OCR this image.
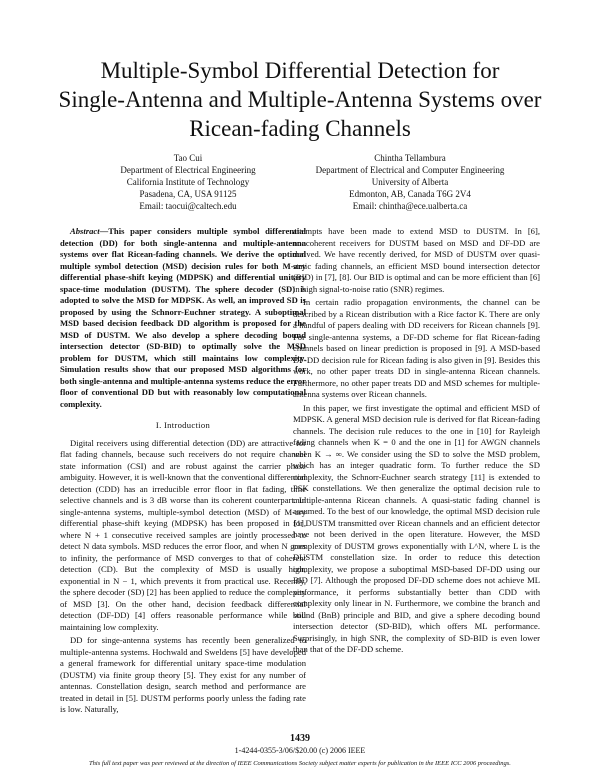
Multiple-Symbol Differential Detection for
Single-Antenna and Multiple-Antenna Systems over
Ricean-fading Channels
Tao Cui
Department of Electrical Engineering
California Institute of Technology
Pasadena, CA, USA 91125
Email: taocui@caltech.edu
Chintha Tellambura
Department of Electrical and Computer Engineering
University of Alberta
Edmonton, AB, Canada T6G 2V4
Email: chintha@ece.ualberta.ca

Abstract—This paper considers multiple symbol differential detection (DD) for both single-antenna and multiple-antenna systems over flat Ricean-fading channels. We derive the optimal multiple symbol detection (MSD) decision rules for both M-ary differential phase-shift keying (MDPSK) and differential unitary space-time modulation (DUSTM). The sphere decoder (SD) is adopted to solve the MSD for MDPSK. As well, an improved SD is proposed by using the Schnorr-Euchner strategy. A suboptimal MSD based decision feedback DD algorithm is proposed for the MSD of DUSTM. We also develop a sphere decoding bound intersection detector (SD-BID) to optimally solve the MSD problem for DUSTM, which still maintains low complexity. Simulation results show that our proposed MSD algorithms for both single-antenna and multiple-antenna systems reduce the error floor of conventional DD but with reasonably low computational complexity.

I. Introduction

Digital receivers using differential detection (DD) are attractive for flat fading channels, because such receivers do not require channel state information (CSI) and are robust against the carrier phase ambiguity. However, it is well-known that the conventional differential detection (CDD) has an irreducible error floor in flat fading, time selective channels and is 3 dB worse than its coherent counterpart. In single-antenna systems, multiple-symbol detection (MSD) of M-ary differential phase-shift keying (MDPSK) has been proposed in [1], where N + 1 consecutive received samples are jointly processed to detect N data symbols. MSD reduces the error floor, and when N goes to infinity, the performance of MSD converges to that of coherent detection (CD). But the complexity of MSD is usually high, exponential in N − 1, which prevents it from practical use. Recently, the sphere decoder (SD) [2] has been applied to reduce the complexity of MSD [3]. On the other hand, decision feedback differential detection (DF-DD) [4] offers reasonable performance while still maintaining low complexity.

DD for singe-antenna systems has recently been generalized to multiple-antenna systems. Hochwald and Sweldens [5] have developed a general framework for differential unitary space-time modulation (DUSTM) via finite group theory [5]. They exist for any number of antennas. Constellation design, search method and performance are treated in detail in [5]. DUSTM performs poorly unless the fading rate is low. Naturally,

attempts have been made to extend MSD to DUSTM. In [6], noncoherent receivers for DUSTM based on MSD and DF-DD are derived. We have recently derived, for MSD of DUSTM over quasi-static fading channels, an efficient MSD bound intersection detector (BID) in [7], [8]. Our BID is optimal and can be more efficient than [6] in high signal-to-noise ratio (SNR) regimes.

In certain radio propagation environments, the channel can be described by a Ricean distribution with a Rice factor K. There are only a handful of papers dealing with DD receivers for Ricean channels [9]. For single-antenna systems, a DF-DD scheme for flat Ricean-fading channels based on linear prediction is proposed in [9]. A MSD-based DF-DD decision rule for Ricean fading is also given in [9]. Besides this work, no other paper treats DD in single-antenna Ricean channels. Furthermore, no other paper treats DD and MSD schemes for multiple-antenna systems over Ricean channels.

In this paper, we first investigate the optimal and efficient MSD of MDPSK. A general MSD decision rule is derived for flat Ricean-fading channels. The decision rule reduces to the one in [10] for Rayleigh fading channels when K = 0 and the one in [1] for AWGN channels when K → ∞. We consider using the SD to solve the MSD problem, which has an integer quadratic form. To further reduce the SD complexity, the Schnorr-Euchner search strategy [11] is extended to PSK constellations. We then generalize the optimal decision rule to multiple-antenna Ricean channels. A quasi-static fading channel is assumed. To the best of our knowledge, the optimal MSD decision rule for DUSTM transmitted over Ricean channels and an efficient detector have not been derived in the open literature. However, the MSD complexity of DUSTM grows exponentially with L^N, where L is the DUSTM constellation size. In order to reduce this detection complexity, we propose a suboptimal MSD-based DF-DD using our BID [7]. Although the proposed DF-DD scheme does not achieve ML performance, it performs substantially better than CDD with complexity only linear in N. Furthermore, we combine the branch and bound (BnB) principle and BID, and give a sphere decoding bound intersection detector (SD-BID), which offers ML performance. Surprisingly, in high SNR, the complexity of SD-BID is even lower than that of the DF-DD scheme.

1439
1-4244-0355-3/06/$20.00 (c) 2006 IEEE
This full text paper was peer reviewed at the direction of IEEE Communications Society subject matter experts for publication in the IEEE ICC 2006 proceedings.
